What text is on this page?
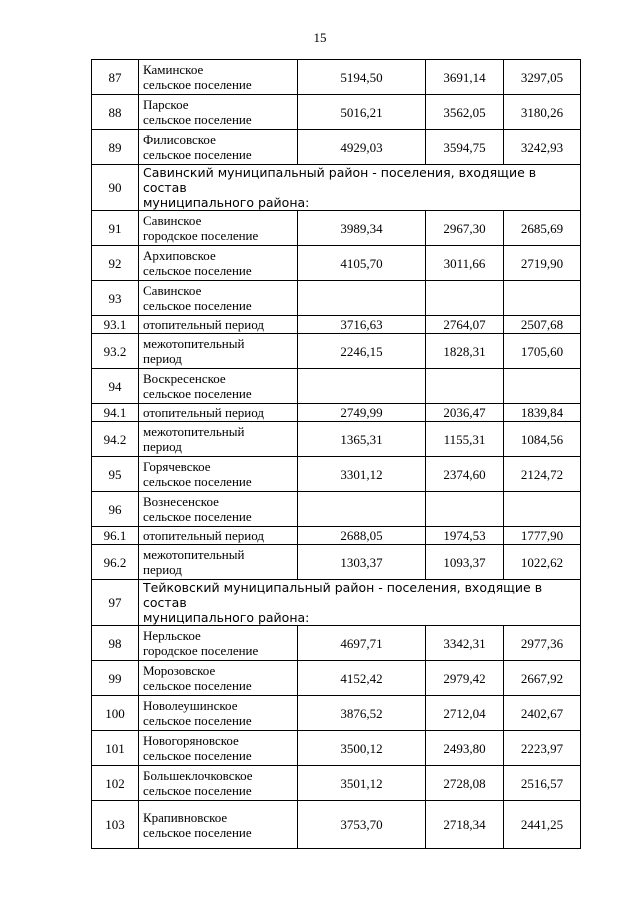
15
87	Каминское
сельское поселение	5194,50	3691,14	3297,05
88	Парское
сельское поселение	5016,21	3562,05	3180,26
89	Филисовское
сельское поселение	4929,03	3594,75	3242,93
90	Савинский муниципальный район - поселения, входящие в состав
муниципального района:			

91	Савинское
городское поселение	3989,34	2967,30	2685,69
92	Архиповское
сельское поселение	4105,70	3011,66	2719,90
93	Савинское
сельское поселение			

93.1	отопительный период	3716,63	2764,07	2507,68
93.2	межотопительный
период	2246,15	1828,31	1705,60
94	Воскресенское
сельское поселение			

94.1	отопительный период	2749,99	2036,47	1839,84
94.2	межотопительный
период	1365,31	1155,31	1084,56
95	Горячевское
сельское поселение	3301,12	2374,60	2124,72
96	Вознесенское
сельское поселение			

96.1	отопительный период	2688,05	1974,53	1777,90
96.2	межотопительный
период	1303,37	1093,37	1022,62
97	Тейковский муниципальный район - поселения, входящие в состав
муниципального района:			

98	Нерльское
городское поселение	4697,71	3342,31	2977,36
99	Морозовское
сельское поселение	4152,42	2979,42	2667,92
100	Новолеушинское
сельское поселение	3876,52	2712,04	2402,67
101	Новогоряновское
сельское поселение	3500,12	2493,80	2223,97
102	Большеклочковское
сельское поселение	3501,12	2728,08	2516,57
103	Крапивновское
сельское поселение	3753,70	2718,34	2441,25
